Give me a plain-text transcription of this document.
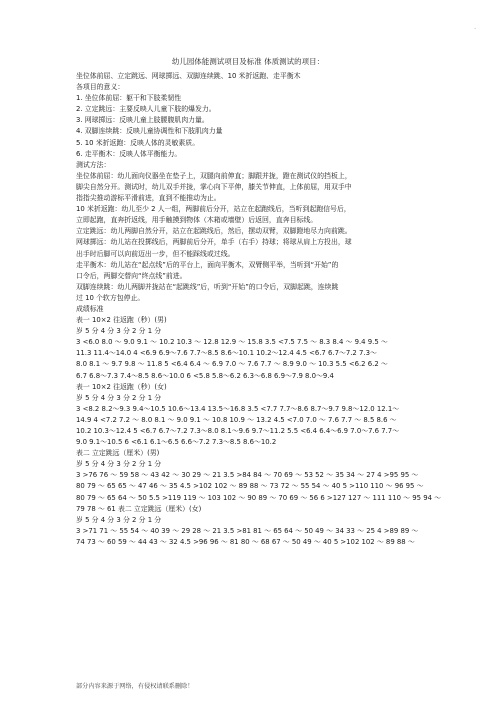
.
幼儿园体能测试项目及标准 体质测试的项目：
坐位体前屈、立定跳远、网球掷远、双脚连续跳、10 米折返跑、走平衡木
各项目的意义：
1. 坐位体前屈：躯干和下肢柔韧性
2. 立定跳远：主要反映人儿童下肢的爆发力。
3. 网球掷远：反映儿童上肢腰腹肌肉力量。
4. 双脚连续跳：反映儿童协调性和下肢肌肉力量
5. 10 米折返跑：反映人体的灵敏素质。
6. 走平衡木：反映人体平衡能力。
测试方法：
坐位体前屈：幼儿面向仪器坐在垫子上，双腿向前伸直；脚跟并拢，蹬在测试仪的挡板上，
脚尖自然分开。测试时，幼儿双手并拢，掌心向下平伸，膝关节伸直，上体前屈，用双手中
指指尖推动游标平滑前进，直到不能推动为止。
10 米折返跑：幼儿至少 2 人一组，两脚前后分开，站立在起跑线后，当听到起跑信号后，
立即起跑，直奔折返线，用手触摸到物体（木箱或墙壁）后返回，直奔目标线。
立定跳远：幼儿两脚自然分开，站立在起跳线后，然后，摆动双臂，双脚蹬地尽力向前跳。
网球掷远：幼儿站在投掷线后，两脚前后分开，单手（右手）持球；将球从肩上方投出，球
出手时后脚可以向前迈出一步，但不能踩线或过线。
走平衡木：幼儿站在“起点线”后的平台上，面向平衡木，双臂侧平举，当听到“开始”的
口令后，两脚交替向“终点线”前进。
双脚连续跳：幼儿两脚并拢站在“起跳线”后，听到“开始”的口令后，双脚起跳，连续跳
过 10 个软方包停止。
成绩标准
表一 10×2 往返跑（秒）(男)
岁 5 分 4 分 3 分 2 分 1 分
3 <6.0 8.0 ～ 9.0 9.1 ～ 10.2 10.3 ～ 12.8 12.9 ～ 15.8 3.5 <7.5 7.5 ～ 8.3 8.4 ～ 9.4 9.5 ～
11.3 11.4～14.0 4 <6.9 6.9～7.6 7.7～8.5 8.6～10.1 10.2～12.4 4.5 <6.7 6.7～7.2 7.3～
8.0 8.1 ～ 9.7 9.8 ～ 11.8 5 <6.4 6.4 ～ 6.9 7.0 ～ 7.6 7.7 ～ 8.9 9.0 ～ 10.3 5.5 <6.2 6.2 ～
6.7 6.8～7.3 7.4～8.5 8.6～10.0 6 <5.8 5.8～6.2 6.3～6.8 6.9～7.9 8.0～9.4
表一 10×2 往返跑（秒）(女)
岁 5 分 4 分 3 分 2 分 1 分
3 <8.2 8.2～9.3 9.4～10.5 10.6～13.4 13.5～16.8 3.5 <7.7 7.7～8.6 8.7～9.7 9.8～12.0 12.1～
14.9 4 <7.2 7.2 ～ 8.0 8.1 ～ 9.0 9.1 ～ 10.8 10.9 ～ 13.2 4.5 <7.0 7.0 ～ 7.6 7.7 ～ 8.5 8.6 ～
10.2 10.3～12.4 5 <6.7 6.7～7.2 7.3～8.0 8.1～9.6 9.7～11.2 5.5 <6.4 6.4～6.9 7.0～7.6 7.7～
9.0 9.1～10.5 6 <6.1 6.1～6.5 6.6～7.2 7.3～8.5 8.6～10.2
表二 立定跳远（厘米）(男)
岁 5 分 4 分 3 分 2 分 1 分
3 >76 76 ～ 59 58 ～ 43 42 ～ 30 29 ～ 21 3.5 >84 84 ～ 70 69 ～ 53 52 ～ 35 34 ～ 27 4 >95 95 ～
80 79 ～ 65 65 ～ 47 46 ～ 35 4.5 >102 102 ～ 89 88 ～ 73 72 ～ 55 54 ～ 40 5 >110 110 ～ 96 95 ～
80 79 ～ 65 64 ～ 50 5.5 >119 119 ～ 103 102 ～ 90 89 ～ 70 69 ～ 56 6 >127 127 ～ 111 110 ～ 95 94 ～
79 78 ～ 61 表二 立定跳远（厘米）(女)
岁 5 分 4 分 3 分 2 分 1 分
3 >71 71 ～ 55 54 ～ 40 39 ～ 29 28 ～ 21 3.5 >81 81 ～ 65 64 ～ 50 49 ～ 34 33 ～ 25 4 >89 89 ～
74 73 ～ 60 59 ～ 44 43 ～ 32 4.5 >96 96 ～ 81 80 ～ 68 67 ～ 50 49 ～ 40 5 >102 102 ～ 89 88 ～
部分内容来源于网络，有侵权请联系删除！
